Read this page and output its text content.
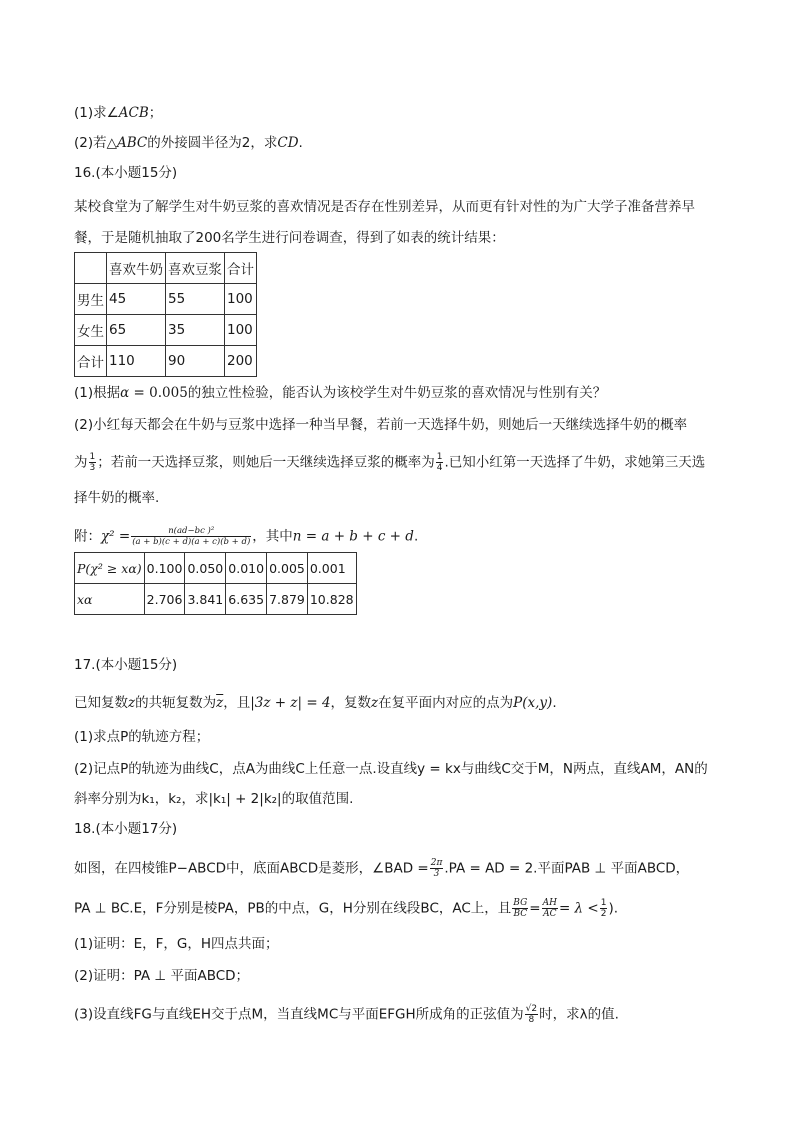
(1)求∠ACB；
(2)若△ABC的外接圆半径为2，求CD.
16.(本小题15分)
某校食堂为了解学生对牛奶豆浆的喜欢情况是否存在性别差异，从而更有针对性的为广大学子准备营养早
餐，于是随机抽取了200名学生进行问卷调查，得到了如表的统计结果：
	喜欢牛奶	喜欢豆浆	合计
男生	45	55	100
女生	65	35	100
合计	110	90	200
(1)根据α = 0.005的独立性检验，能否认为该校学生对牛奶豆浆的喜欢情况与性别有关？
(2)小红每天都会在牛奶与豆浆中选择一种当早餐，若前一天选择牛奶，则她后一天继续选择牛奶的概率
为 $\frac{1}{3}$ ；若前一天选择豆浆，则她后一天继续选择豆浆的概率为 $\frac{1}{4}$ .已知小红第一天选择了牛奶，求她第三天选
择牛奶的概率.
附：$\chi^2 = \frac{\text{n(ad−bc )²}}{(a + b)(c + d)(a + c)(b + d)}$ ，其中n = a + b + c + d.
P(χ² ≥ xα)	0.100	0.050	0.010	0.005	0.001
xα	2.706	3.841	6.635	7.879	10.828
17.(本小题15分)
已知复数z的共轭复数为$\overline{z}$，且|3z + z| = 4，复数z在复平面内对应的点为P(x,y).
(1)求点P的轨迹方程；
(2)记点P的轨迹为曲线C，点A为曲线C上任意一点.设直线y = kx与曲线C交于M，N两点，直线AM，AN的
斜率分别为k₁，k₂，求|k₁| + 2|k₂|的取值范围.
18.(本小题17分)
如图，在四棱锥P−ABCD中，底面ABCD是菱形，∠BAD = $\frac{2\pi}{3} .PA$ = AD = 2.平面PAB ⊥ 平面ABCD，
PA ⊥ BC.E，F分别是棱PA，PB的中点，G，H分别在线段BC，AC上，且 $\frac{BG}{BC} = \frac{AH}{AC} = \lambda < \frac{1}{2}$ ).
(1)证明：E，F，G，H四点共面；
(2)证明：PA ⊥ 平面ABCD；
(3)设直线FG与直线EH交于点M，当直线MC与平面EFGH所成角的正弦值为 $\frac{√2}{8}$ 时，求λ的值.
